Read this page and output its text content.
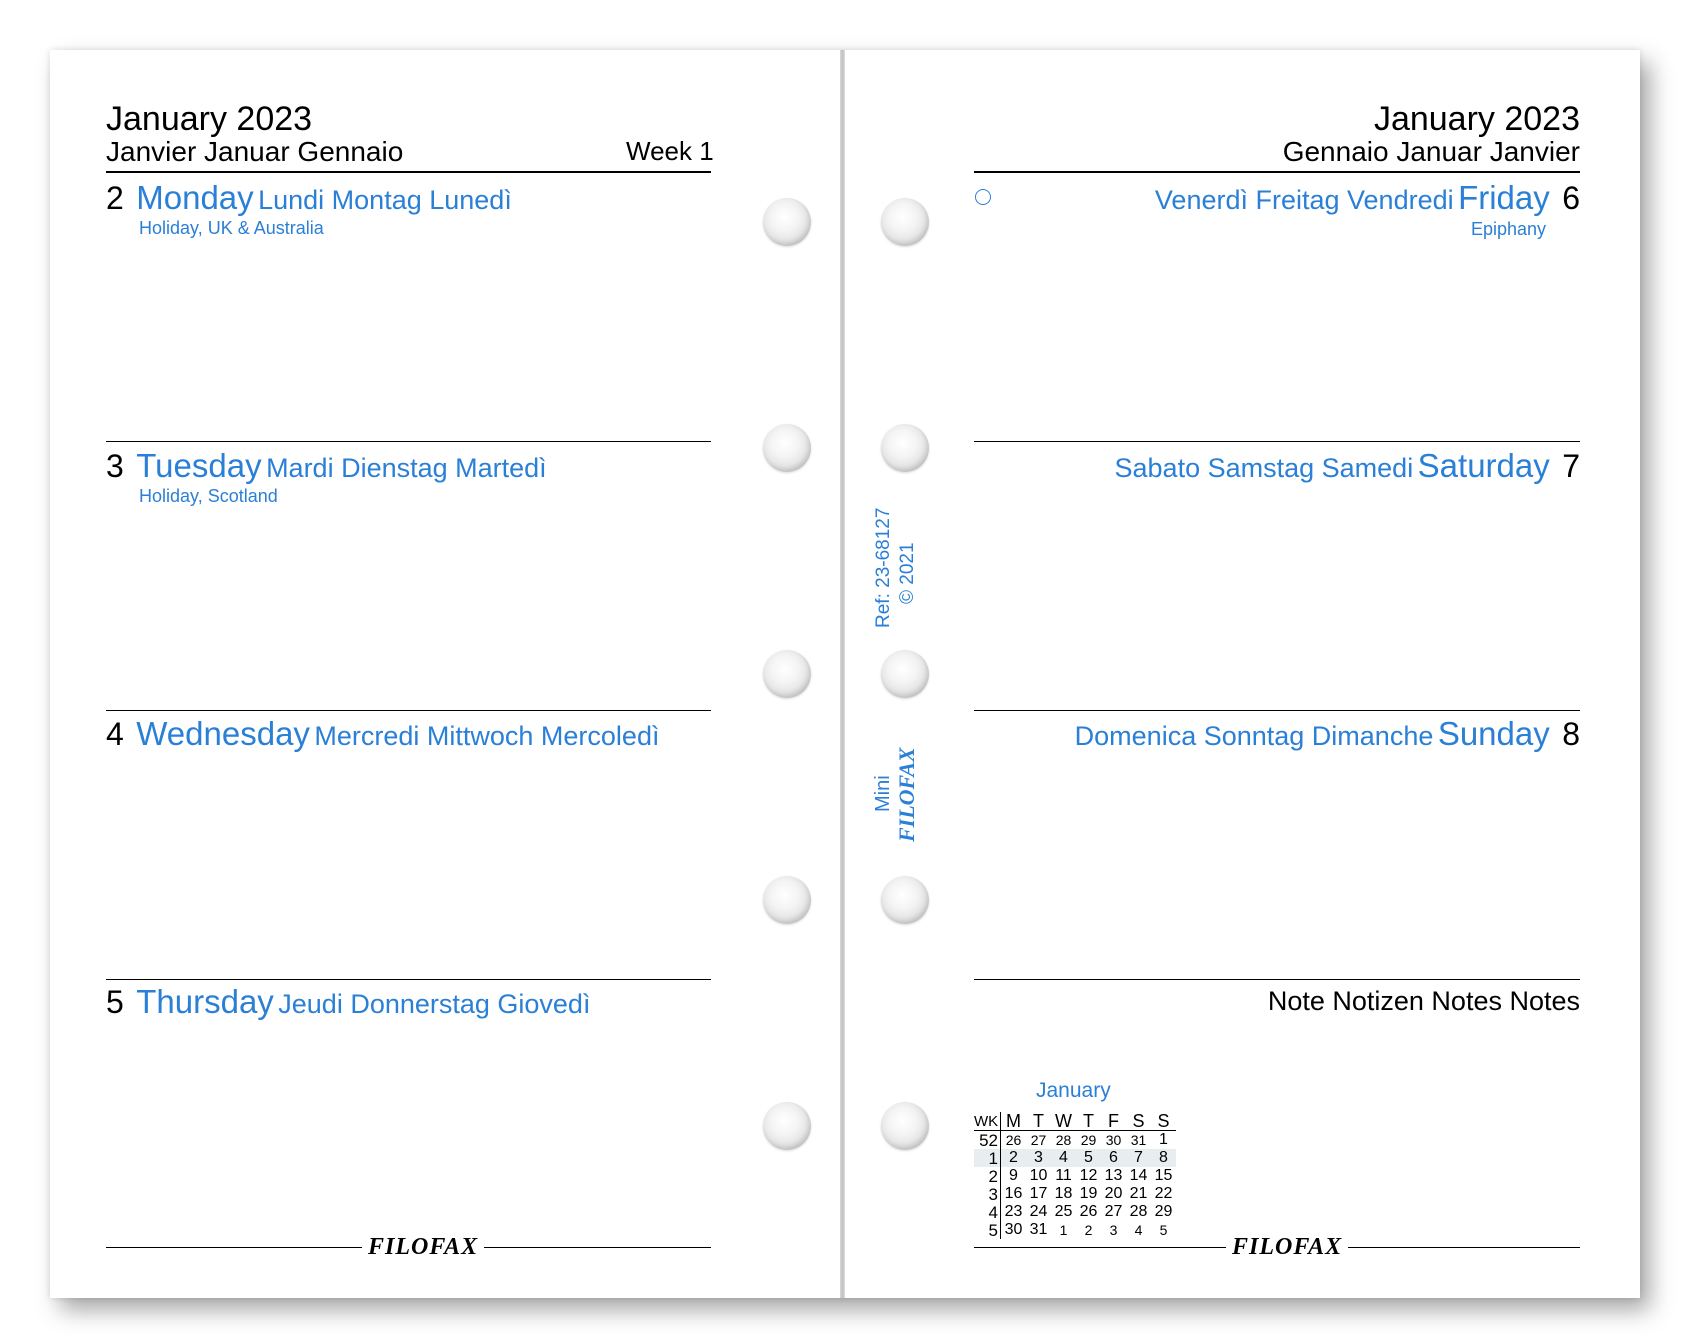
January 2023
Janvier Januar Gennaio	Week 1
2 Monday Lundi Montag Lunedì
Holiday, UK & Australia
3 Tuesday Mardi Dienstag Martedì
Holiday, Scotland
4 Wednesday Mercredi Mittwoch Mercoledì
5 Thursday Jeudi Donnerstag Giovedì
FILOFAX
Ref: 23-68127 © 2021
Mini FILOFAX
January 2023
Gennaio Januar Janvier
Venerdì Freitag Vendredi Friday 6
Epiphany
Sabato Samstag Samedi Saturday 7
Domenica Sonntag Dimanche Sunday 8
Note Notizen Notes Notes
January
WK	M	T	W	T	F	S	S
52	26	27	28	29	30	31	1
1	2	3	4	5	6	7	8
2	9	10	11	12	13	14	15
3	16	17	18	19	20	21	22
4	23	24	25	26	27	28	29
5	30	31	1	2	3	4	5
FILOFAX
